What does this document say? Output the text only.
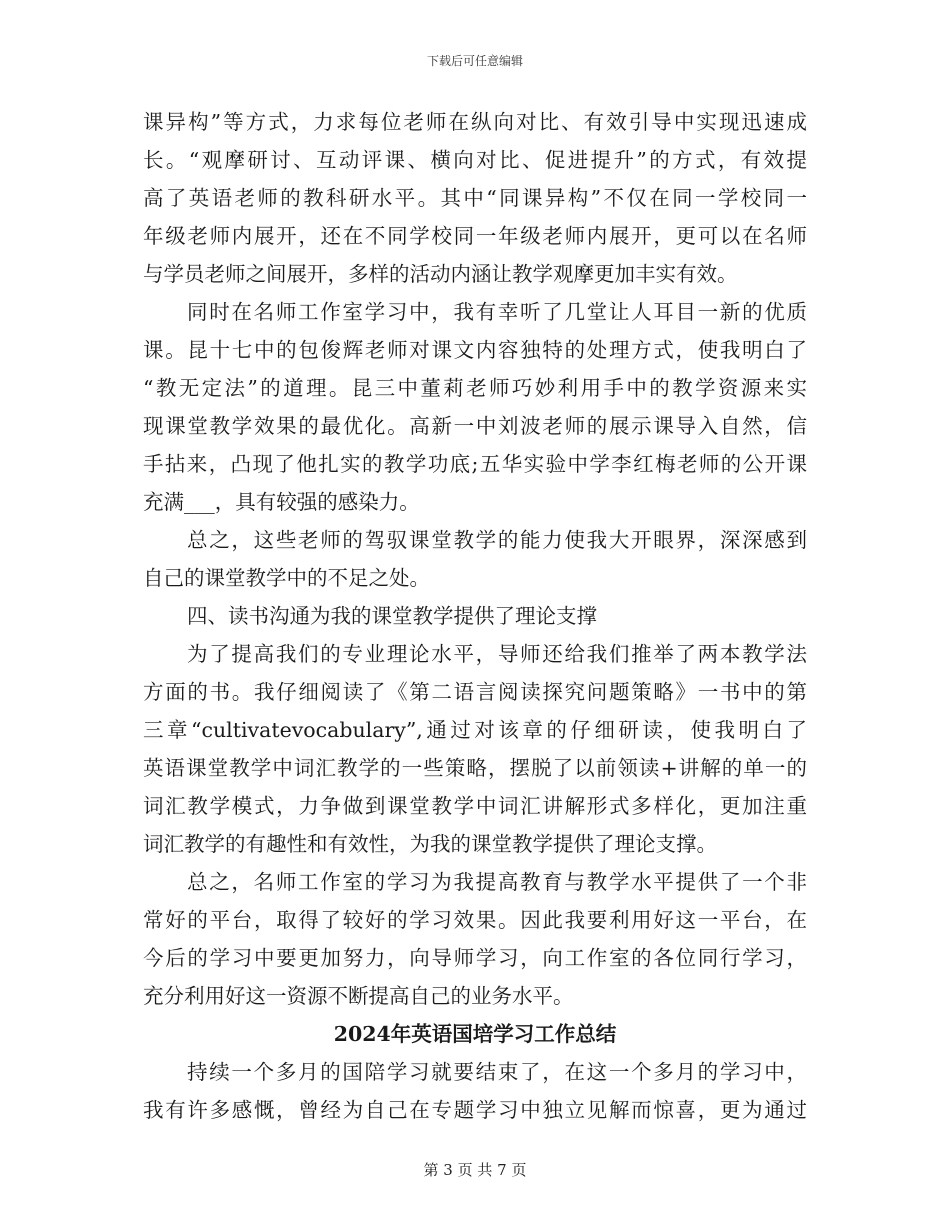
下载后可任意编辑
课异构”等方式，力求每位老师在纵向对比、有效引导中实现迅速成
长。“观摩研讨、互动评课、横向对比、促进提升”的方式，有效提
高了英语老师的教科研水平。其中“同课异构”不仅在同一学校同一
年级老师内展开，还在不同学校同一年级老师内展开，更可以在名师
与学员老师之间展开，多样的活动内涵让教学观摩更加丰实有效。
同时在名师工作室学习中，我有幸听了几堂让人耳目一新的优质
课。昆十七中的包俊辉老师对课文内容独特的处理方式，使我明白了
“教无定法”的道理。昆三中董莉老师巧妙利用手中的教学资源来实
现课堂教学效果的最优化。高新一中刘波老师的展示课导入自然，信
手拈来，凸现了他扎实的教学功底;五华实验中学李红梅老师的公开课
充满___，具有较强的感染力。
总之，这些老师的驾驭课堂教学的能力使我大开眼界，深深感到
自己的课堂教学中的不足之处。
四、读书沟通为我的课堂教学提供了理论支撑
为了提高我们的专业理论水平，导师还给我们推举了两本教学法
方面的书。我仔细阅读了《第二语言阅读探究问题策略》一书中的第
三章“cultivatevocabulary”,通过对该章的仔细研读，使我明白了
英语课堂教学中词汇教学的一些策略，摆脱了以前领读+讲解的单一的
词汇教学模式，力争做到课堂教学中词汇讲解形式多样化，更加注重
词汇教学的有趣性和有效性，为我的课堂教学提供了理论支撑。
总之，名师工作室的学习为我提高教育与教学水平提供了一个非
常好的平台，取得了较好的学习效果。因此我要利用好这一平台，在
今后的学习中要更加努力，向导师学习，向工作室的各位同行学习，
充分利用好这一资源不断提高自己的业务水平。
2024年英语国培学习工作总结
持续一个多月的国陪学习就要结束了，在这一个多月的学习中，
我有许多感慨，曾经为自己在专题学习中独立见解而惊喜，更为通过
第 3 页 共 7 页
